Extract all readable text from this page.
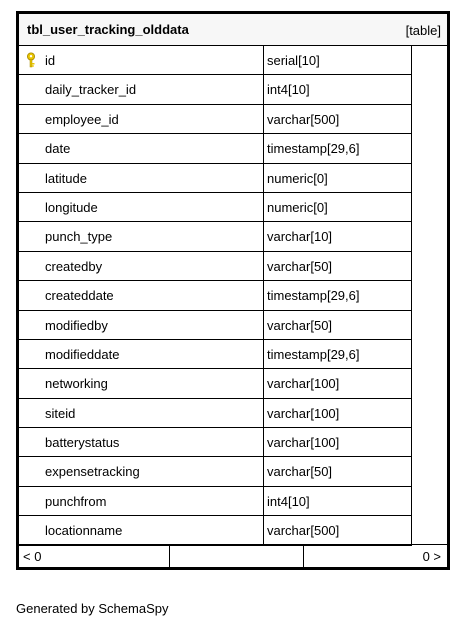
tbl_user_tracking_olddata	[table]
id	serial[10]
daily_tracker_id	int4[10]
employee_id	varchar[500]
date	timestamp[29,6]
latitude	numeric[0]
longitude	numeric[0]
punch_type	varchar[10]
createdby	varchar[50]
createddate	timestamp[29,6]
modifiedby	varchar[50]
modifieddate	timestamp[29,6]
networking	varchar[100]
siteid	varchar[100]
batterystatus	varchar[100]
expensetracking	varchar[50]
punchfrom	int4[10]
locationname	varchar[500]
< 0	0 >
Generated by SchemaSpy
